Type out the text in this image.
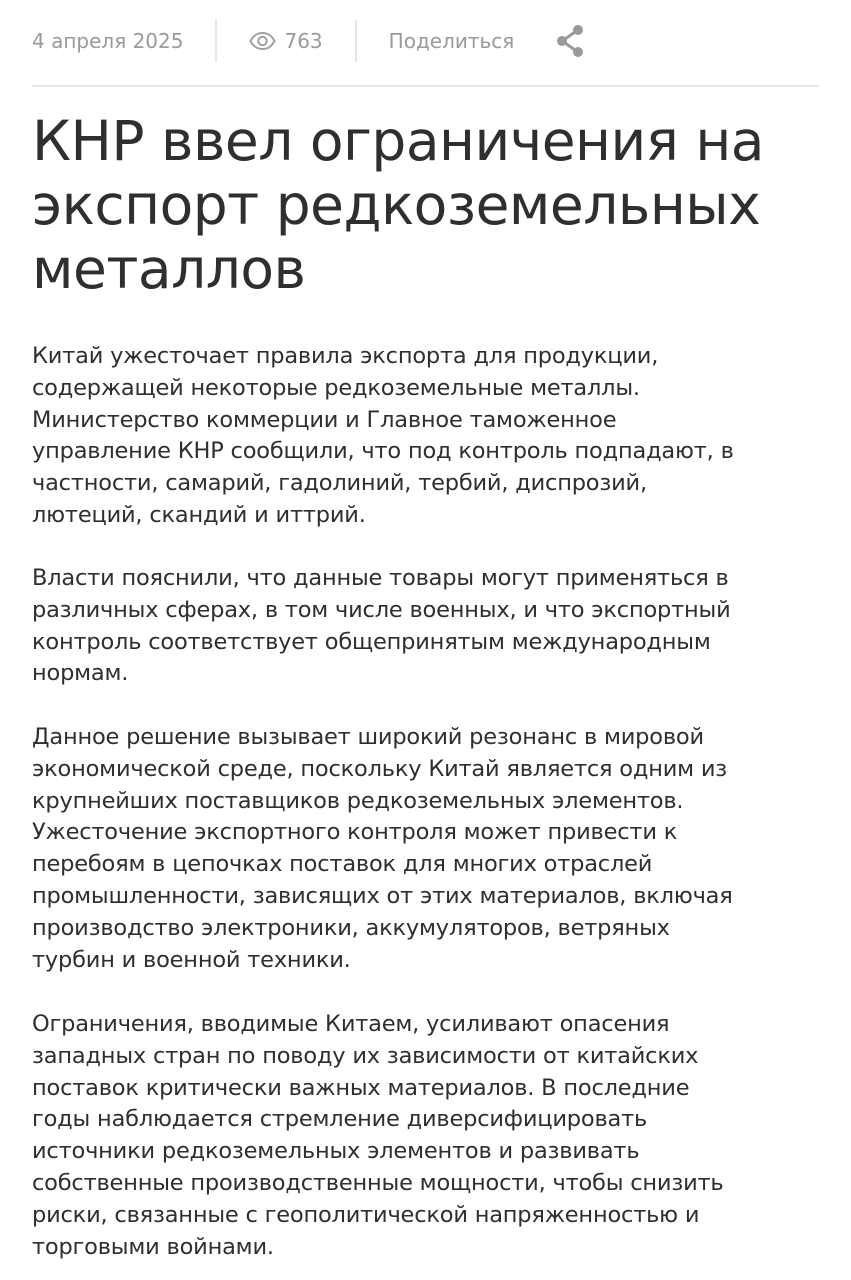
4 апреля 2025	763	Поделиться
КНР ввел ограничения на
экспорт редкоземельных
металлов

Китай ужесточает правила экспорта для продукции,
содержащей некоторые редкоземельные металлы.
Министерство коммерции и Главное таможенное
управление КНР сообщили, что под контроль подпадают, в
частности, самарий, гадолиний, тербий, диспрозий,
лютеций, скандий и иттрий.

Власти пояснили, что данные товары могут применяться в
различных сферах, в том числе военных, и что экспортный
контроль соответствует общепринятым международным
нормам.

Данное решение вызывает широкий резонанс в мировой
экономической среде, поскольку Китай является одним из
крупнейших поставщиков редкоземельных элементов.
Ужесточение экспортного контроля может привести к
перебоям в цепочках поставок для многих отраслей
промышленности, зависящих от этих материалов, включая
производство электроники, аккумуляторов, ветряных
турбин и военной техники.

Ограничения, вводимые Китаем, усиливают опасения
западных стран по поводу их зависимости от китайских
поставок критически важных материалов. В последние
годы наблюдается стремление диверсифицировать
источники редкоземельных элементов и развивать
собственные производственные мощности, чтобы снизить
риски, связанные с геополитической напряженностью и
торговыми войнами.
